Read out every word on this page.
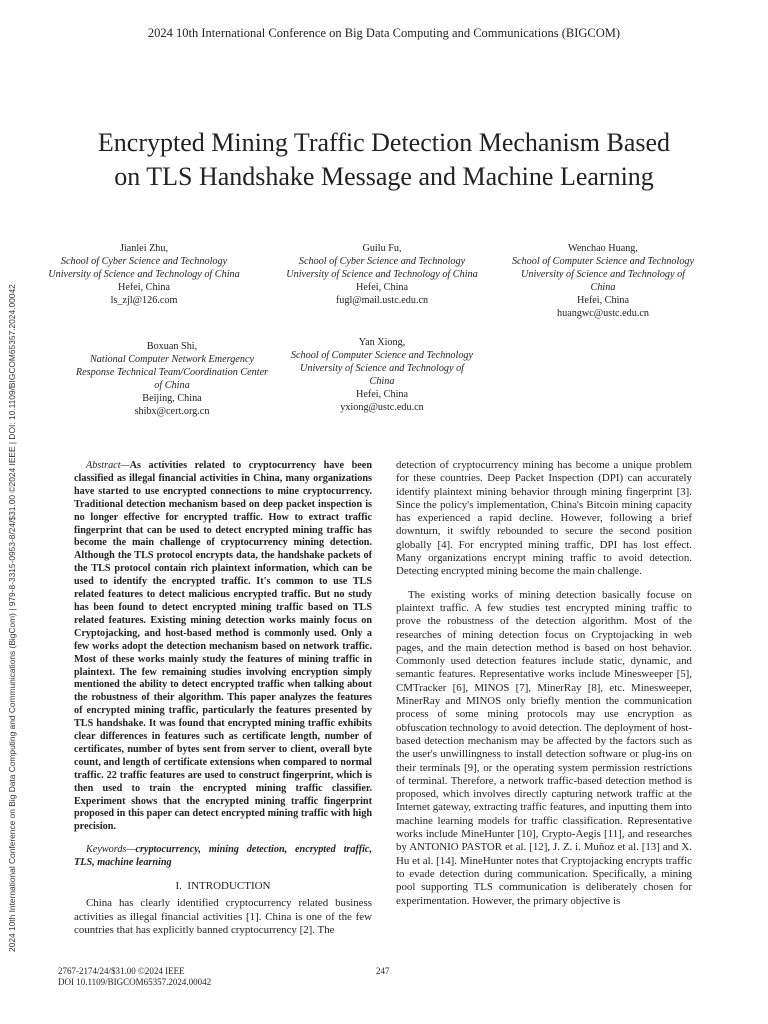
2024 10th International Conference on Big Data Computing and Communications (BIGCOM)
2024 10th International Conference on Big Data Computing and Communications (BigCom) | 979-8-3315-0953-8/24/$31.00 ©2024 IEEE | DOI: 10.1109/BIGCOM65357.2024.00042
Encrypted Mining Traffic Detection Mechanism Based on TLS Handshake Message and Machine Learning
Jianlei Zhu,
School of Cyber Science and Technology
University of Science and Technology of China
Hefei, China
ls_zjl@126.com
Guilu Fu,
School of Cyber Science and Technology
University of Science and Technology of China
Hefei, China
fugl@mail.ustc.edu.cn
Wenchao Huang,
School of Computer Science and Technology
University of Science and Technology of China
Hefei, China
huangwc@ustc.edu.cn
Boxuan Shi,
National Computer Network Emergency Response Technical Team/Coordination Center of China
Beijing, China
shibx@cert.org.cn
Yan Xiong,
School of Computer Science and Technology
University of Science and Technology of China
Hefei, China
yxiong@ustc.edu.cn

Abstract—As activities related to cryptocurrency have been classified as illegal financial activities in China, many organizations have started to use encrypted connections to mine cryptocurrency. Traditional detection mechanism based on deep packet inspection is no longer effective for encrypted traffic. How to extract traffic fingerprint that can be used to detect encrypted mining traffic has become the main challenge of cryptocurrency mining detection. Although the TLS protocol encrypts data, the handshake packets of the TLS protocol contain rich plaintext information, which can be used to identify the encrypted traffic. It's common to use TLS related features to detect malicious encrypted traffic. But no study has been found to detect encrypted mining traffic based on TLS related features. Existing mining detection works mainly focus on Cryptojacking, and host-based method is commonly used. Only a few works adopt the detection mechanism based on network traffic. Most of these works mainly study the features of mining traffic in plaintext. The few remaining studies involving encryption simply mentioned the ability to detect encrypted traffic when talking about the robustness of their algorithm. This paper analyzes the features of encrypted mining traffic, particularly the features presented by TLS handshake. It was found that encrypted mining traffic exhibits clear differences in features such as certificate length, number of certificates, number of bytes sent from server to client, overall byte count, and length of certificate extensions when compared to normal traffic. 22 traffic features are used to construct fingerprint, which is then used to train the encrypted mining traffic classifier. Experiment shows that the encrypted mining traffic fingerprint proposed in this paper can detect encrypted mining traffic with high precision.

Keywords—cryptocurrency, mining detection, encrypted traffic, TLS, machine learning

I. INTRODUCTION

China has clearly identified cryptocurrency related business activities as illegal financial activities [1]. China is one of the few countries that has explicitly banned cryptocurrency [2]. The

detection of cryptocurrency mining has become a unique problem for these countries. Deep Packet Inspection (DPI) can accurately identify plaintext mining behavior through mining fingerprint [3]. Since the policy's implementation, China's Bitcoin mining capacity has experienced a rapid decline. However, following a brief downturn, it swiftly rebounded to secure the second position globally [4]. For encrypted mining traffic, DPI has lost effect. Many organizations encrypt mining traffic to avoid detection. Detecting encrypted mining become the main challenge.

The existing works of mining detection basically focuse on plaintext traffic. A few studies test encrypted mining traffic to prove the robustness of the detection algorithm. Most of the researches of mining detection focus on Cryptojacking in web pages, and the main detection method is based on host behavior. Commonly used detection features include static, dynamic, and semantic features. Representative works include Minesweeper [5], CMTracker [6], MINOS [7], MinerRay [8], etc. Minesweeper, MinerRay and MINOS only briefly mention the communication process of some mining protocols may use encryption as obfuscation technology to avoid detection. The deployment of host-based detection mechanism may be affected by the factors such as the user's unwillingness to install detection software or plug-ins on their terminals [9], or the operating system permission restrictions of terminal. Therefore, a network traffic-based detection method is proposed, which involves directly capturing network traffic at the Internet gateway, extracting traffic features, and inputting them into machine learning models for traffic classification. Representative works include MineHunter [10], Crypto-Aegis [11], and researches by ANTONIO PASTOR et al. [12], J. Z. i. Muñoz et al. [13] and X. Hu et al. [14]. MineHunter notes that Cryptojacking encrypts traffic to evade detection during communication. Specifically, a mining pool supporting TLS communication is deliberately chosen for experimentation. However, the primary objective is

2767-2174/24/$31.00 ©2024 IEEE
DOI 10.1109/BIGCOM65357.2024.00042
247
